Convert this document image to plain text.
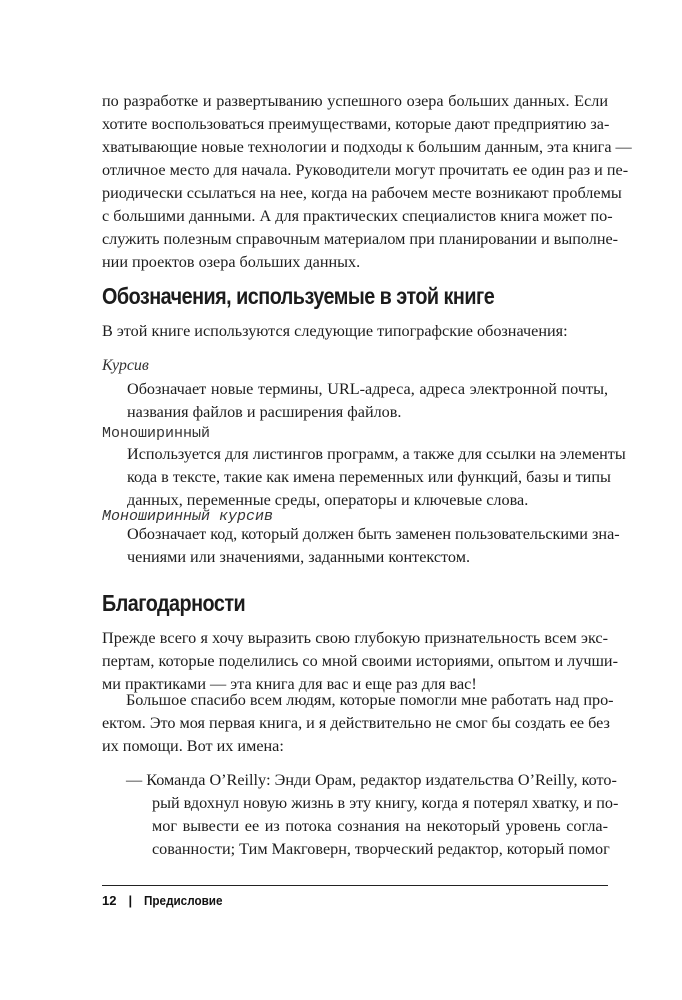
по разработке и развертыванию успешного озера больших данных. Если
хотите воспользоваться преимуществами, которые дают предприятию за-
хватывающие новые технологии и подходы к большим данным, эта книга —
отличное место для начала. Руководители могут прочитать ее один раз и пе-
риодически ссылаться на нее, когда на рабочем месте возникают проблемы
с большими данными. А для практических специалистов книга может по-
служить полезным справочным материалом при планировании и выполне-
нии проектов озера больших данных.
Обозначения, используемые в этой книге
В этой книге используются следующие типографские обозначения:
Курсив
Обозначает новые термины, URL-адреса, адреса электронной почты,
названия файлов и расширения файлов.
Моноширинный
Используется для листингов программ, а также для ссылки на элементы
кода в тексте, такие как имена переменных или функций, базы и типы
данных, переменные среды, операторы и ключевые слова.
Моноширинный курсив
Обозначает код, который должен быть заменен пользовательскими зна-
чениями или значениями, заданными контекстом.
Благодарности
Прежде всего я хочу выразить свою глубокую признательность всем экс-
пертам, которые поделились со мной своими историями, опытом и лучши-
ми практиками — эта книга для вас и еще раз для вас!
Большое спасибо всем людям, которые помогли мне работать над про-
ектом. Это моя первая книга, и я действительно не смог бы создать ее без
их помощи. Вот их имена:
— Команда O’Reilly: Энди Орам, редактор издательства O’Reilly, кото-
рый вдохнул новую жизнь в эту книгу, когда я потерял хватку, и по-
мог вывести ее из потока сознания на некоторый уровень согла-
сованности; Тим Макговерн, творческий редактор, который помог
12 | Предисловие
